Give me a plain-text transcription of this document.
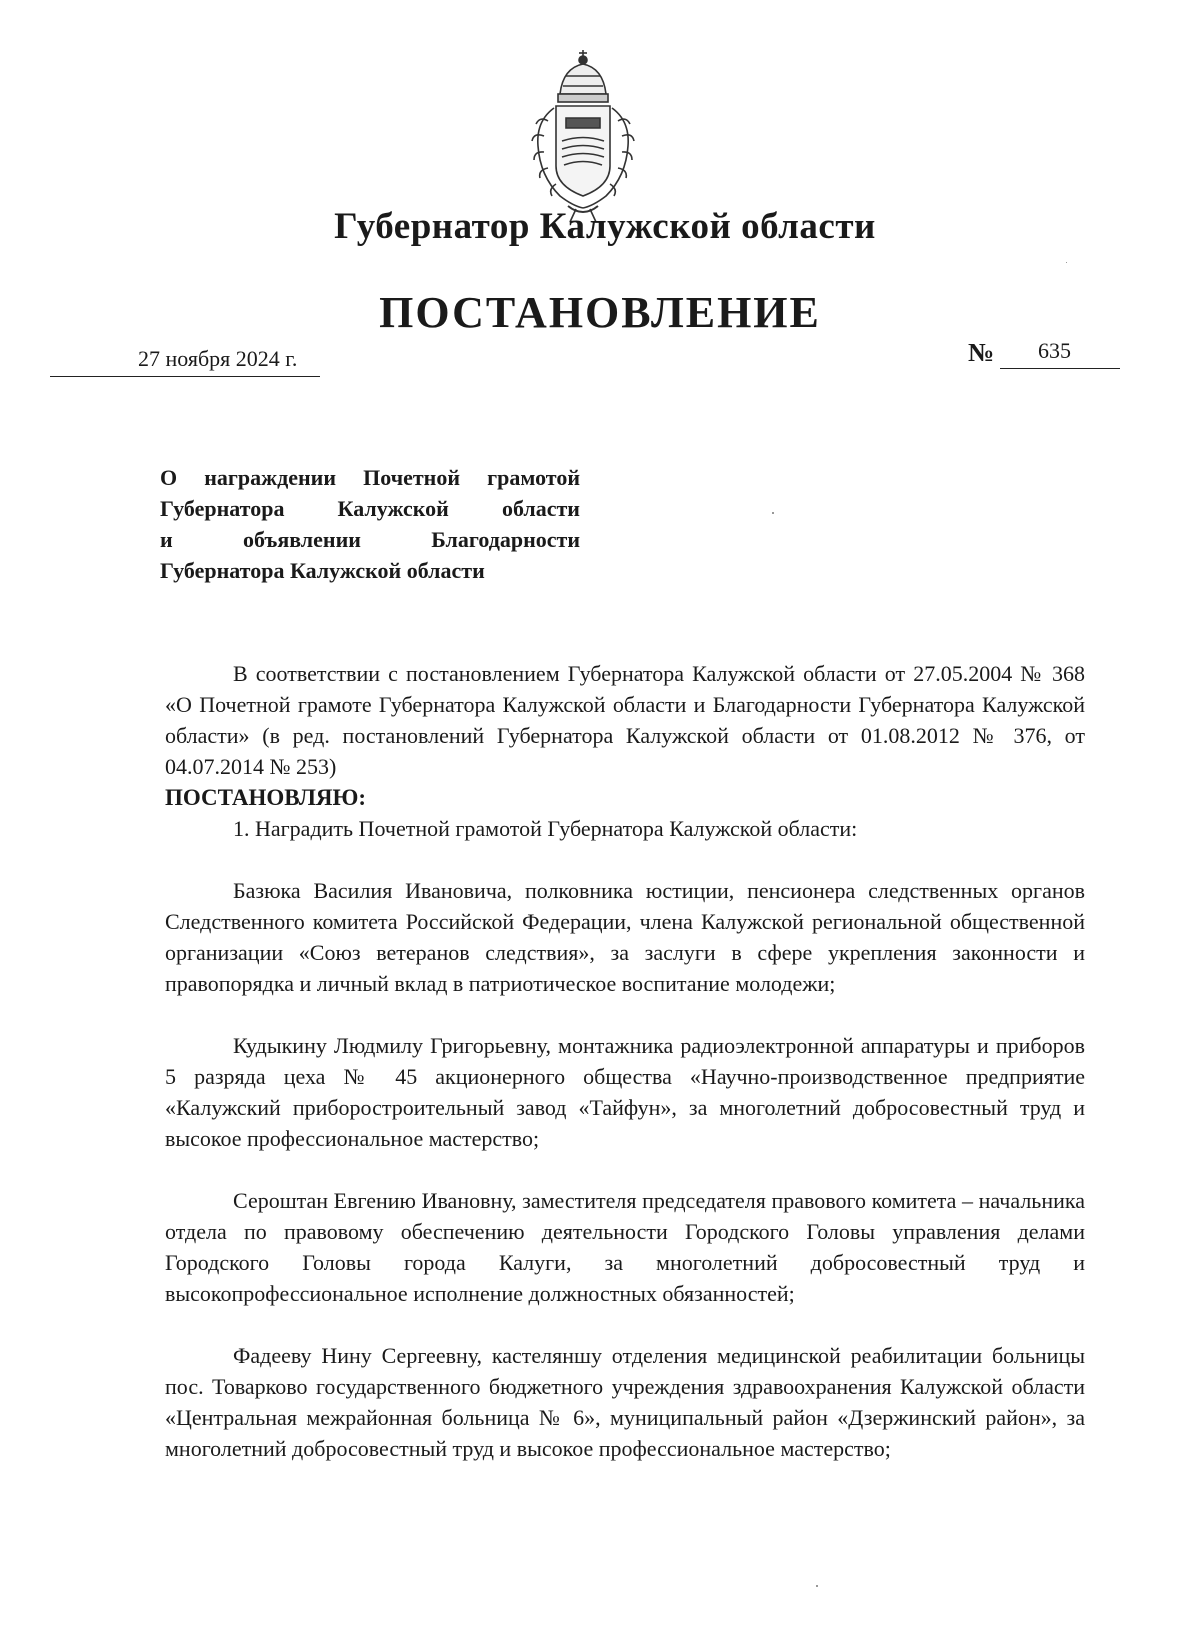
Губернатор Калужской области
ПОСТАНОВЛЕНИЕ
27 ноября 2024 г.	№ 635
О награждении Почетной грамотой
Губернатора Калужской области
и объявлении Благодарности
Губернатора Калужской области

В соответствии с постановлением Губернатора Калужской области от 27.05.2004 № 368 «О Почетной грамоте Губернатора Калужской области и Благодарности Губернатора Калужской области» (в ред. постановлений Губернатора Калужской области от 01.08.2012 № 376, от 04.07.2014 № 253)

ПОСТАНОВЛЯЮ:

1. Наградить Почетной грамотой Губернатора Калужской области:

Базюка Василия Ивановича, полковника юстиции, пенсионера следственных органов Следственного комитета Российской Федерации, члена Калужской региональной общественной организации «Союз ветеранов следствия», за заслуги в сфере укрепления законности и правопорядка и личный вклад в патриотическое воспитание молодежи;

Кудыкину Людмилу Григорьевну, монтажника радиоэлектронной аппаратуры и приборов 5 разряда цеха № 45 акционерного общества «Научно-производственное предприятие «Калужский приборостроительный завод «Тайфун», за многолетний добросовестный труд и высокое профессиональное мастерство;

Сероштан Евгению Ивановну, заместителя председателя правового комитета – начальника отдела по правовому обеспечению деятельности Городского Головы управления делами Городского Головы города Калуги, за многолетний добросовестный труд и высокопрофессиональное исполнение должностных обязанностей;

Фадееву Нину Сергеевну, кастеляншу отделения медицинской реабилитации больницы пос. Товарково государственного бюджетного учреждения здравоохранения Калужской области «Центральная межрайонная больница № 6», муниципальный район «Дзержинский район», за многолетний добросовестный труд и высокое профессиональное мастерство;
